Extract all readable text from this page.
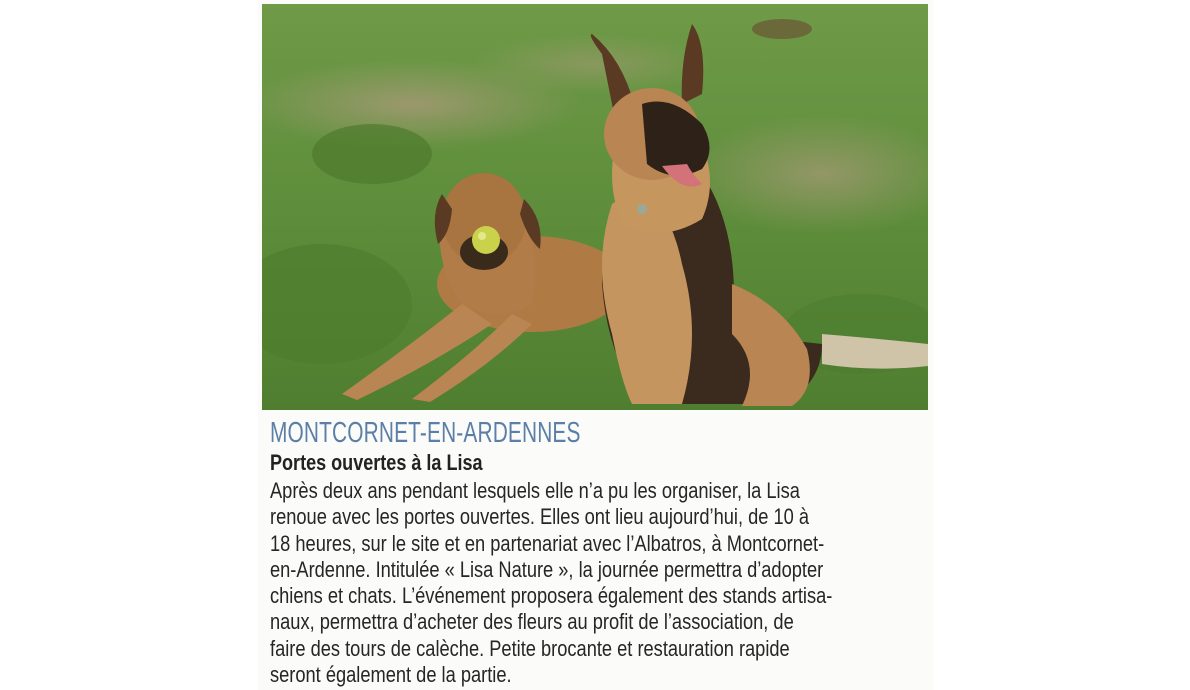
MONTCORNET-EN-ARDENNES

Portes ouvertes à la Lisa

Après deux ans pendant lesquels elle n’a pu les organiser, la Lisa
renoue avec les portes ouvertes. Elles ont lieu aujourd’hui, de 10 à
18 heures, sur le site et en partenariat avec l’Albatros, à Montcornet-
en-Ardenne. Intitulée « Lisa Nature », la journée permettra d’adopter
chiens et chats. L’événement proposera également des stands artisa-
naux, permettra d’acheter des fleurs au profit de l’association, de
faire des tours de calèche. Petite brocante et restauration rapide
seront également de la partie.
